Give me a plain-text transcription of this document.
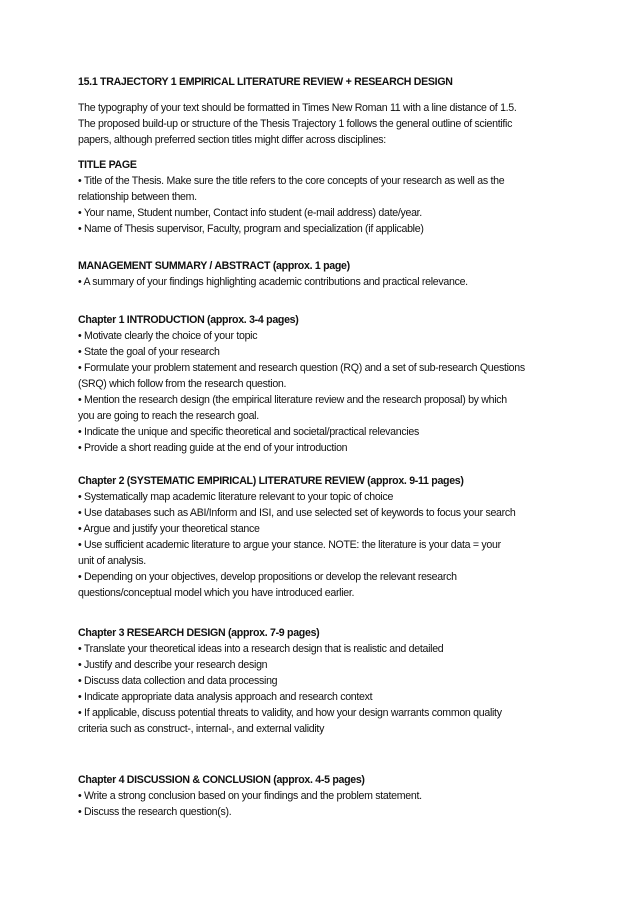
15.1 TRAJECTORY 1 EMPIRICAL LITERATURE REVIEW + RESEARCH DESIGN

The typography of your text should be formatted in Times New Roman 11 with a line distance of 1.5.

The proposed build-up or structure of the Thesis Trajectory 1 follows the general outline of scientific

papers, although preferred section titles might differ across disciplines:

TITLE PAGE

• Title of the Thesis. Make sure the title refers to the core concepts of your research as well as the

relationship between them.

• Your name, Student number, Contact info student (e-mail address) date/year.

• Name of Thesis supervisor, Faculty, program and specialization (if applicable)

MANAGEMENT SUMMARY / ABSTRACT (approx. 1 page)

• A summary of your findings highlighting academic contributions and practical relevance.

Chapter 1 INTRODUCTION (approx. 3-4 pages)

• Motivate clearly the choice of your topic

• State the goal of your research

• Formulate your problem statement and research question (RQ) and a set of sub-research Questions

(SRQ) which follow from the research question.

• Mention the research design (the empirical literature review and the research proposal) by which

you are going to reach the research goal.

• Indicate the unique and specific theoretical and societal/practical relevancies

• Provide a short reading guide at the end of your introduction

Chapter 2 (SYSTEMATIC EMPIRICAL) LITERATURE REVIEW (approx. 9-11 pages)

• Systematically map academic literature relevant to your topic of choice

• Use databases such as ABI/Inform and ISI, and use selected set of keywords to focus your search

• Argue and justify your theoretical stance

• Use sufficient academic literature to argue your stance. NOTE: the literature is your data = your

unit of analysis.

• Depending on your objectives, develop propositions or develop the relevant research

questions/conceptual model which you have introduced earlier.

Chapter 3 RESEARCH DESIGN (approx. 7-9 pages)

• Translate your theoretical ideas into a research design that is realistic and detailed

• Justify and describe your research design

• Discuss data collection and data processing

• Indicate appropriate data analysis approach and research context

• If applicable, discuss potential threats to validity, and how your design warrants common quality

criteria such as construct-, internal-, and external validity

Chapter 4 DISCUSSION & CONCLUSION (approx. 4-5 pages)

• Write a strong conclusion based on your findings and the problem statement.

• Discuss the research question(s).
